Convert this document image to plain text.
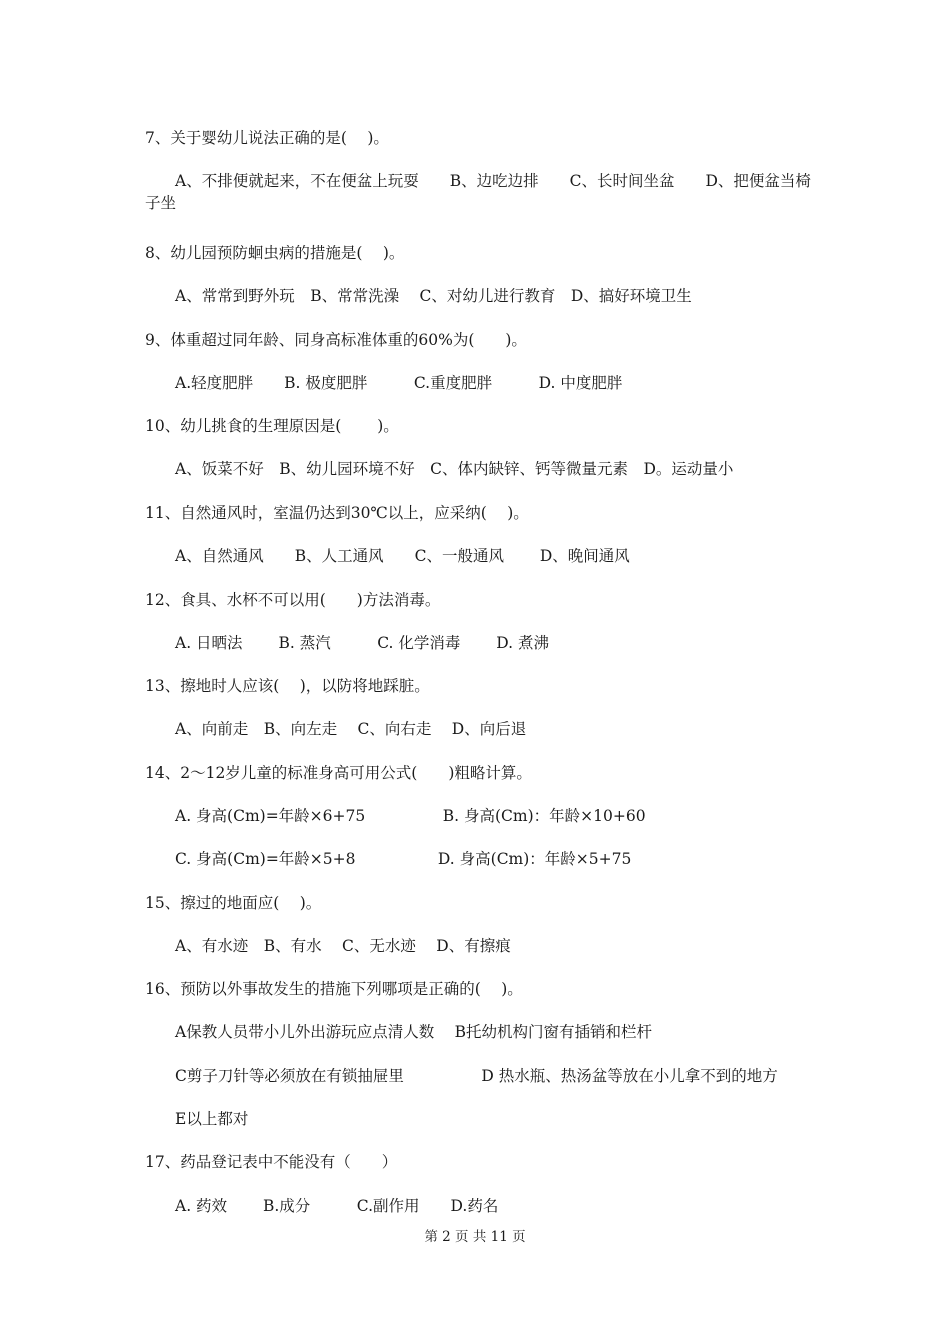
7、关于婴幼儿说法正确的是(　 )。
A、不排便就起来，不在便盆上玩耍　　B、边吃边排　　C、长时间坐盆　　D、把便盆当椅子坐
8、幼儿园预防蛔虫病的措施是(　 )。
A、常常到野外玩　B、常常洗澡　 C、对幼儿进行教育　D、搞好环境卫生
9、体重超过同年龄、同身高标准体重的60%为(　　)。
A.轻度肥胖　　B. 极度肥胖　　　C.重度肥胖　　　D. 中度肥胖
10、幼儿挑食的生理原因是(　　 )。
A、饭菜不好　B、幼儿园环境不好　C、体内缺锌、钙等微量元素　D。运动量小
11、自然通风时，室温仍达到30℃以上，应采纳(　 )。
A、自然通风　　B、人工通风　　C、一般通风　　 D、晚间通风
12、食具、水杯不可以用(　　)方法消毒。
A. 日晒法　　 B. 蒸汽　　　C. 化学消毒　　 D. 煮沸
13、擦地时人应该(　 )，以防将地踩脏。
A、向前走　B、向左走　 C、向右走　 D、向后退
14、2～12岁儿童的标准身高可用公式(　　)粗略计算。
A. 身高(Cm)=年龄×6+75　　　　　B. 身高(Cm)：年龄×10+60
C. 身高(Cm)=年龄×5+8　　　　　 D. 身高(Cm)：年龄×5+75
15、擦过的地面应(　 )。
A、有水迹　B、有水　 C、无水迹　 D、有擦痕
16、预防以外事故发生的措施下列哪项是正确的(　 )。
A保教人员带小儿外出游玩应点清人数　 B托幼机构门窗有插销和栏杆
C剪子刀针等必须放在有锁抽屉里　　　　　D 热水瓶、热汤盆等放在小儿拿不到的地方
E以上都对
17、药品登记表中不能没有（　　）
A. 药效　　 B.成分　　　C.副作用　　D.药名
第 2 页 共 11 页
